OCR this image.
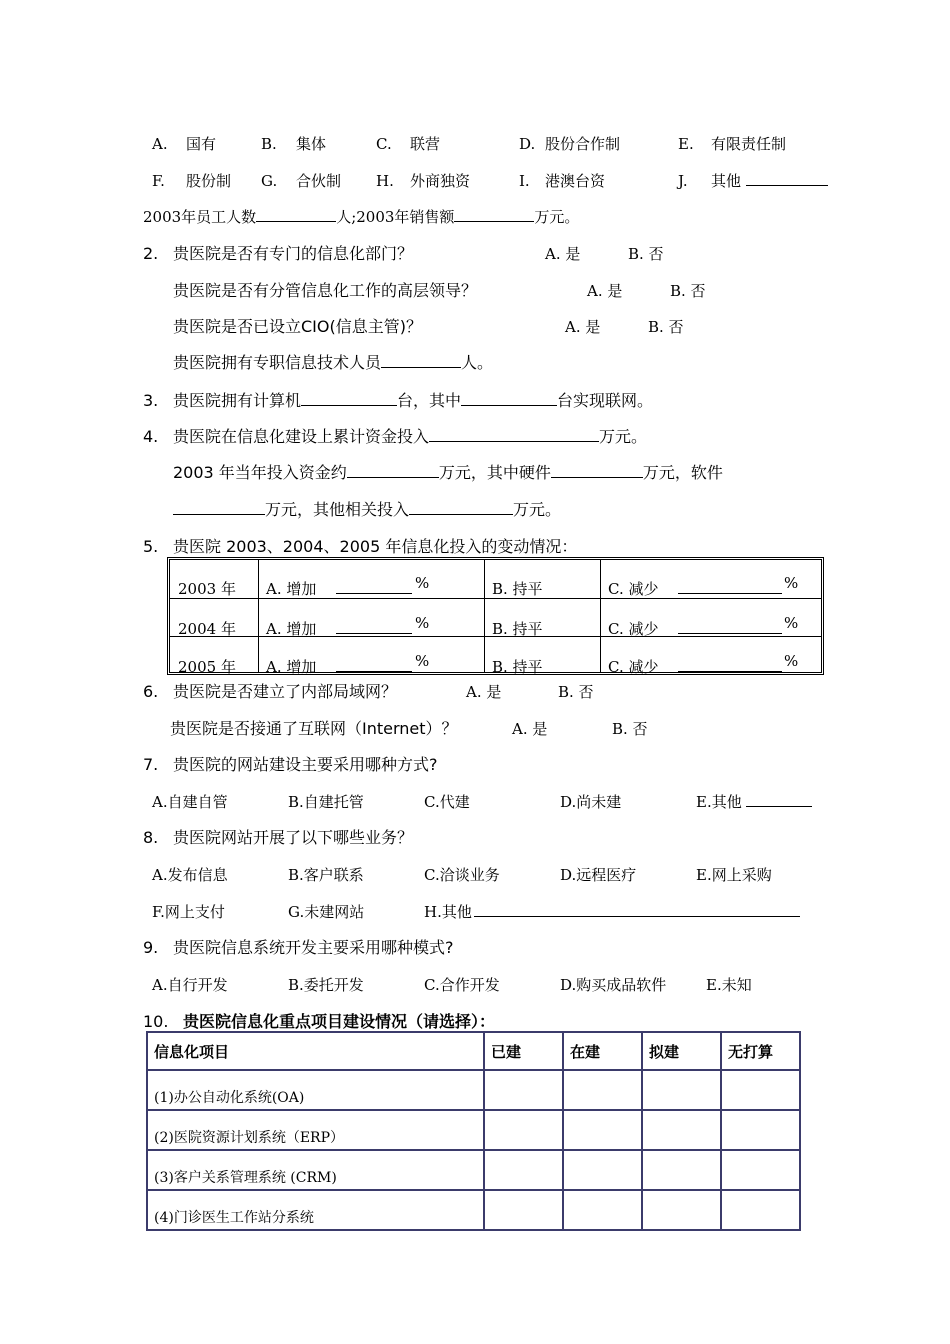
A. 国有	B. 集体	C. 联营	D. 股份合作制	E. 有限责任制
F. 股份制 G. 合伙制 H. 外商独资	I. 港澳台资	J. 其他
2003年员工人数	人;2003年销售额	万元。
2. 贵医院是否有专门的信息化部门？	A. 是	B. 否
贵医院是否有分管信息化工作的高层领导？	A. 是	B. 否
贵医院是否已设立CIO(信息主管)？	A. 是	B. 否
贵医院拥有专职信息技术人员	人。
3. 贵医院拥有计算机	台，其中	台实现联网。
4. 贵医院在信息化建设上累计资金投入	万元。
2003 年当年投入资金约	万元，其中硬件	万元，软件
万元，其他相关投入	万元。
5. 贵医院 2003、2004、2005 年信息化投入的变动情况：
2003 年 A. 增加	%	B. 持平	C. 减少	%
2004 年 A. 增加	%	B. 持平	C. 减少	%
2005 年 A. 增加	%	B. 持平	C. 减少	%
6. 贵医院是否建立了内部局域网？	A. 是	B. 否
贵医院是否接通了互联网（Internet）？	A. 是	B. 否
7. 贵医院的网站建设主要采用哪种方式?
A.自建自管	B.自建托管	C.代建	D.尚未建	E.其他
8. 贵医院网站开展了以下哪些业务？
A.发布信息	B.客户联系	C.洽谈业务	D.远程医疗	E.网上采购
F.网上支付	G.未建网站	H.其他
9. 贵医院信息系统开发主要采用哪种模式?
A.自行开发	B.委托开发	C.合作开发	D.购买成品软件	E.未知
10. 贵医院信息化重点项目建设情况（请选择）：
信息化项目	已建	在建	拟建	无打算
(1)办公自动化系统(OA)				
(2)医院资源计划系统（ERP）				
(3)客户关系管理系统 (CRM)				
(4)门诊医生工作站分系统				
